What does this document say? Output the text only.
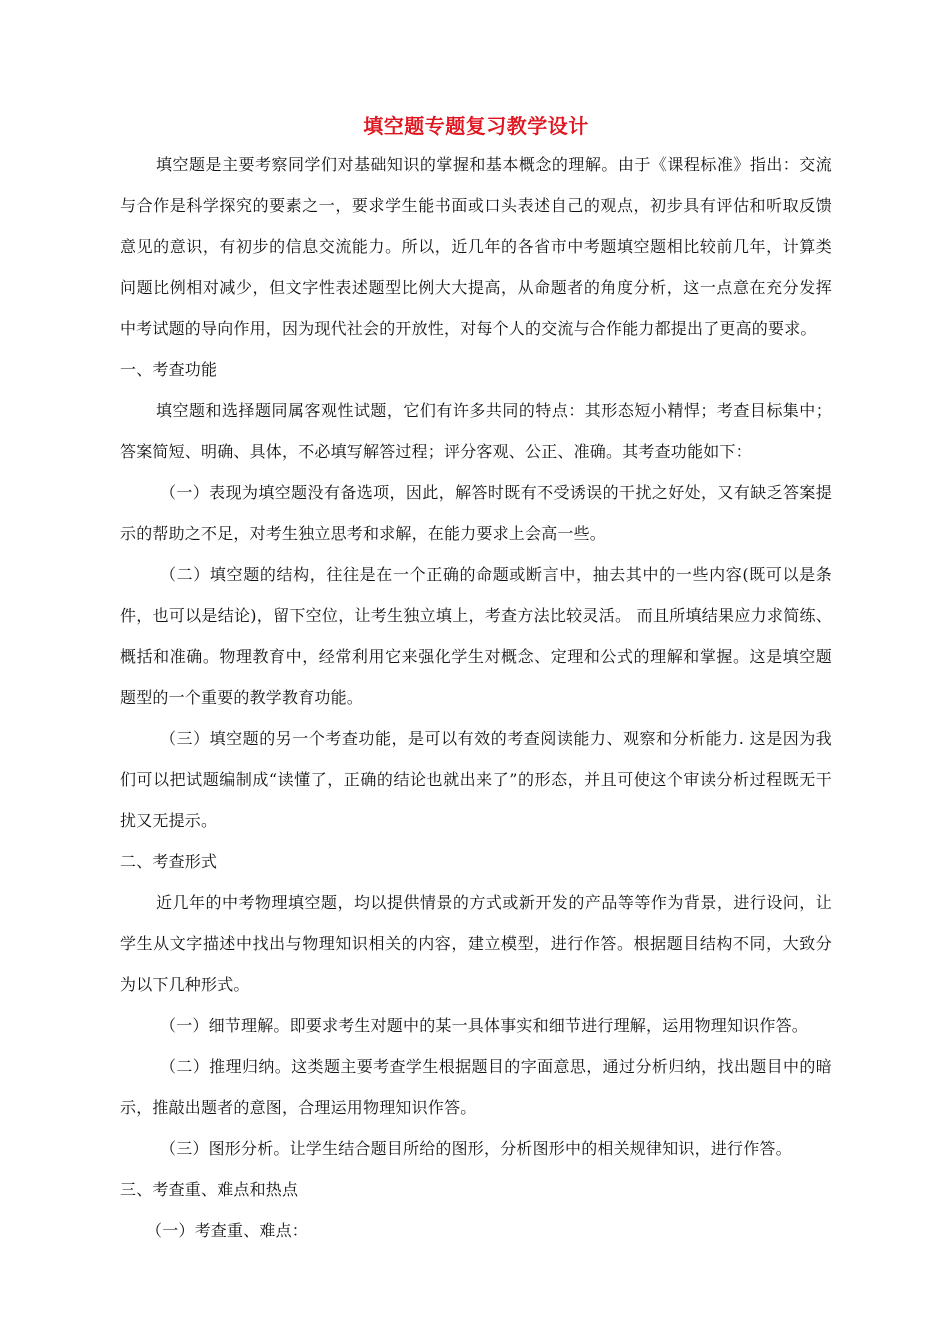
填空题专题复习教学设计

填空题是主要考察同学们对基础知识的掌握和基本概念的理解。由于《课程标准》指出：交流与合作是科学探究的要素之一，要求学生能书面或口头表述自己的观点，初步具有评估和听取反馈意见的意识，有初步的信息交流能力。所以，近几年的各省市中考题填空题相比较前几年，计算类问题比例相对减少，但文字性表述题型比例大大提高，从命题者的角度分析，这一点意在充分发挥中考试题的导向作用，因为现代社会的开放性，对每个人的交流与合作能力都提出了更高的要求。

一、考查功能

填空题和选择题同属客观性试题，它们有许多共同的特点：其形态短小精悍；考查目标集中；答案简短、明确、具体，不必填写解答过程；评分客观、公正、准确。其考查功能如下：

（一）表现为填空题没有备选项，因此，解答时既有不受诱误的干扰之好处，又有缺乏答案提示的帮助之不足，对考生独立思考和求解，在能力要求上会高一些。

（二）填空题的结构，往往是在一个正确的命题或断言中，抽去其中的一些内容(既可以是条件，也可以是结论)，留下空位，让考生独立填上，考查方法比较灵活。 而且所填结果应力求简练、概括和准确。物理教育中，经常利用它来强化学生对概念、定理和公式的理解和掌握。这是填空题题型的一个重要的教学教育功能。

（三）填空题的另一个考查功能，是可以有效的考查阅读能力、观察和分析能力. 这是因为我们可以把试题编制成“读懂了，正确的结论也就出来了”的形态，并且可使这个审读分析过程既无干扰又无提示。

二、考查形式

近几年的中考物理填空题，均以提供情景的方式或新开发的产品等等作为背景，进行设问，让学生从文字描述中找出与物理知识相关的内容，建立模型，进行作答。根据题目结构不同，大致分为以下几种形式。

（一）细节理解。即要求考生对题中的某一具体事实和细节进行理解，运用物理知识作答。

（二）推理归纳。这类题主要考查学生根据题目的字面意思，通过分析归纳，找出题目中的暗示，推敲出题者的意图，合理运用物理知识作答。

（三）图形分析。让学生结合题目所给的图形，分析图形中的相关规律知识，进行作答。

三、考查重、难点和热点

（一）考查重、难点：
